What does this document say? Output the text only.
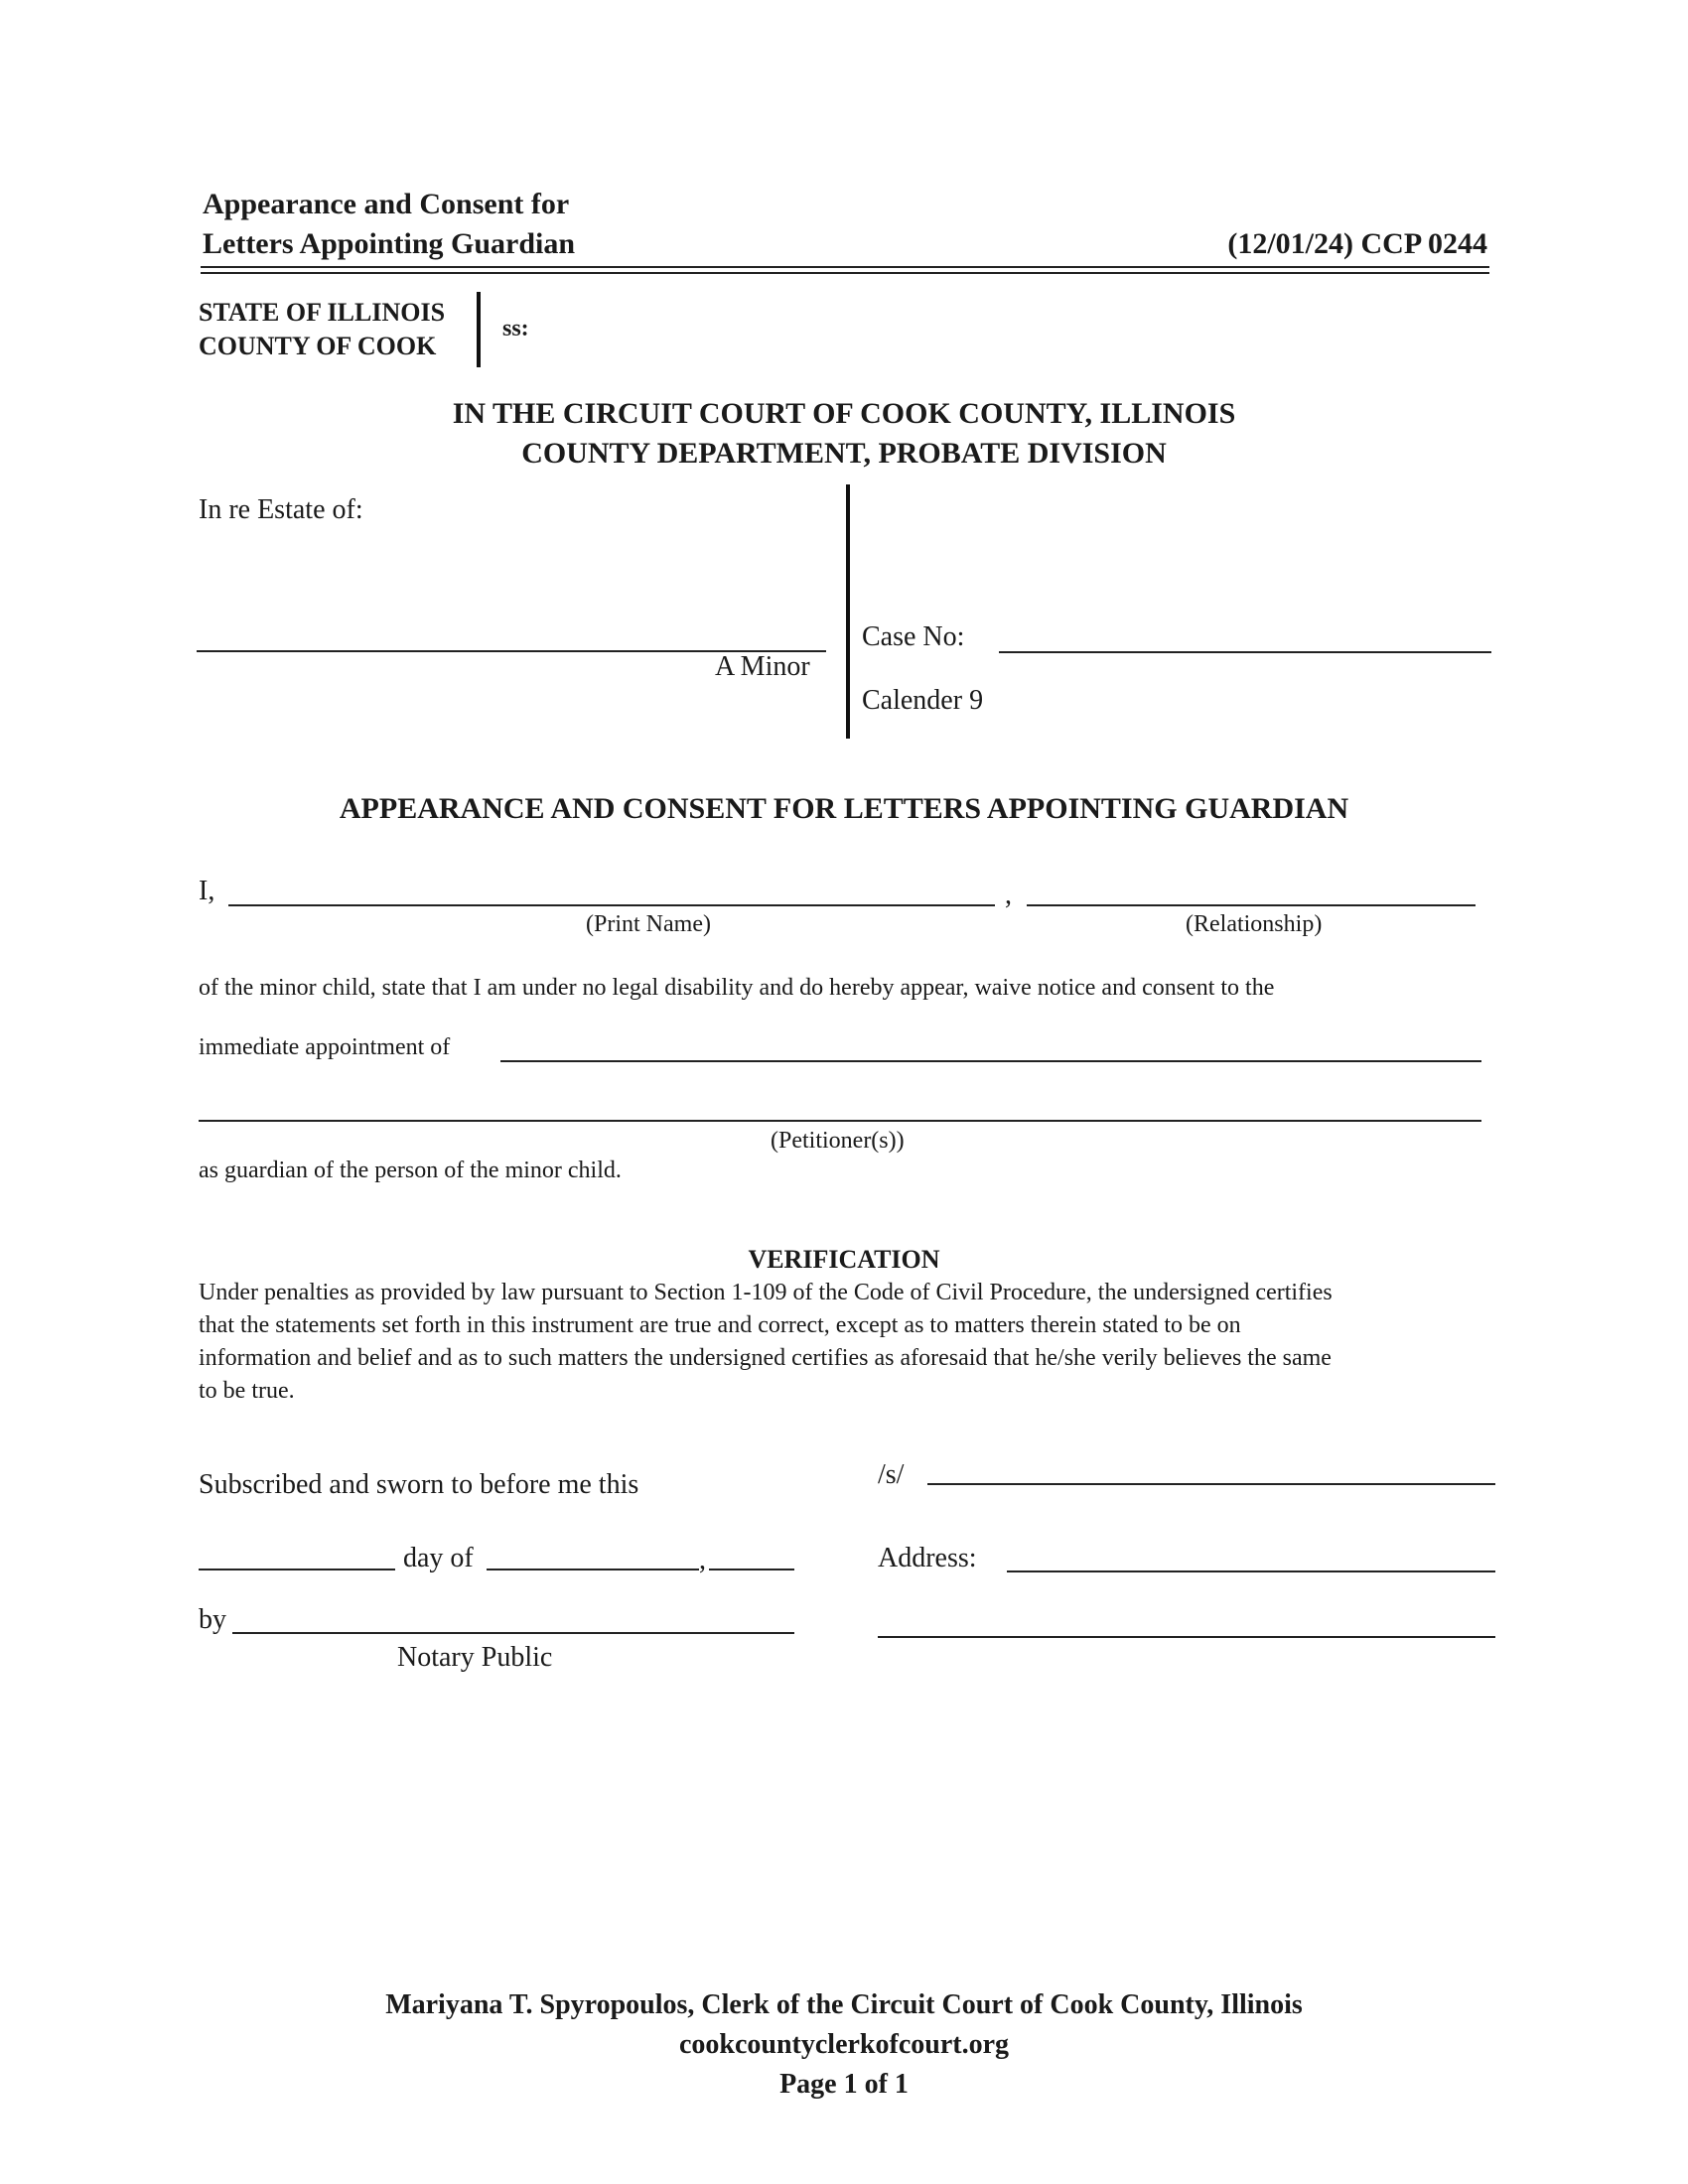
Appearance and Consent for
Letters Appointing Guardian	(12/01/24) CCP 0244
STATE OF ILLINOIS
COUNTY OF COOK
ss:
IN THE CIRCUIT COURT OF COOK COUNTY, ILLINOIS
COUNTY DEPARTMENT, PROBATE DIVISION
In re Estate of:
A Minor
Case No:
Calender 9
APPEARANCE AND CONSENT FOR LETTERS APPOINTING GUARDIAN
I,	,
(Print Name)	(Relationship)
of the minor child, state that I am under no legal disability and do hereby appear, waive notice and consent to the
immediate appointment of
(Petitioner(s))
as guardian of the person of the minor child.
VERIFICATION
Under penalties as provided by law pursuant to Section 1-109 of the Code of Civil Procedure, the undersigned certifies
that the statements set forth in this instrument are true and correct, except as to matters therein stated to be on
information and belief and as to such matters the undersigned certifies as aforesaid that he/she verily believes the same
to be true.
Subscribed and sworn to before me this
day of	,
by
Notary Public
/s/
Address:
Mariyana T. Spyropoulos, Clerk of the Circuit Court of Cook County, Illinois
cookcountyclerkofcourt.org
Page 1 of 1
